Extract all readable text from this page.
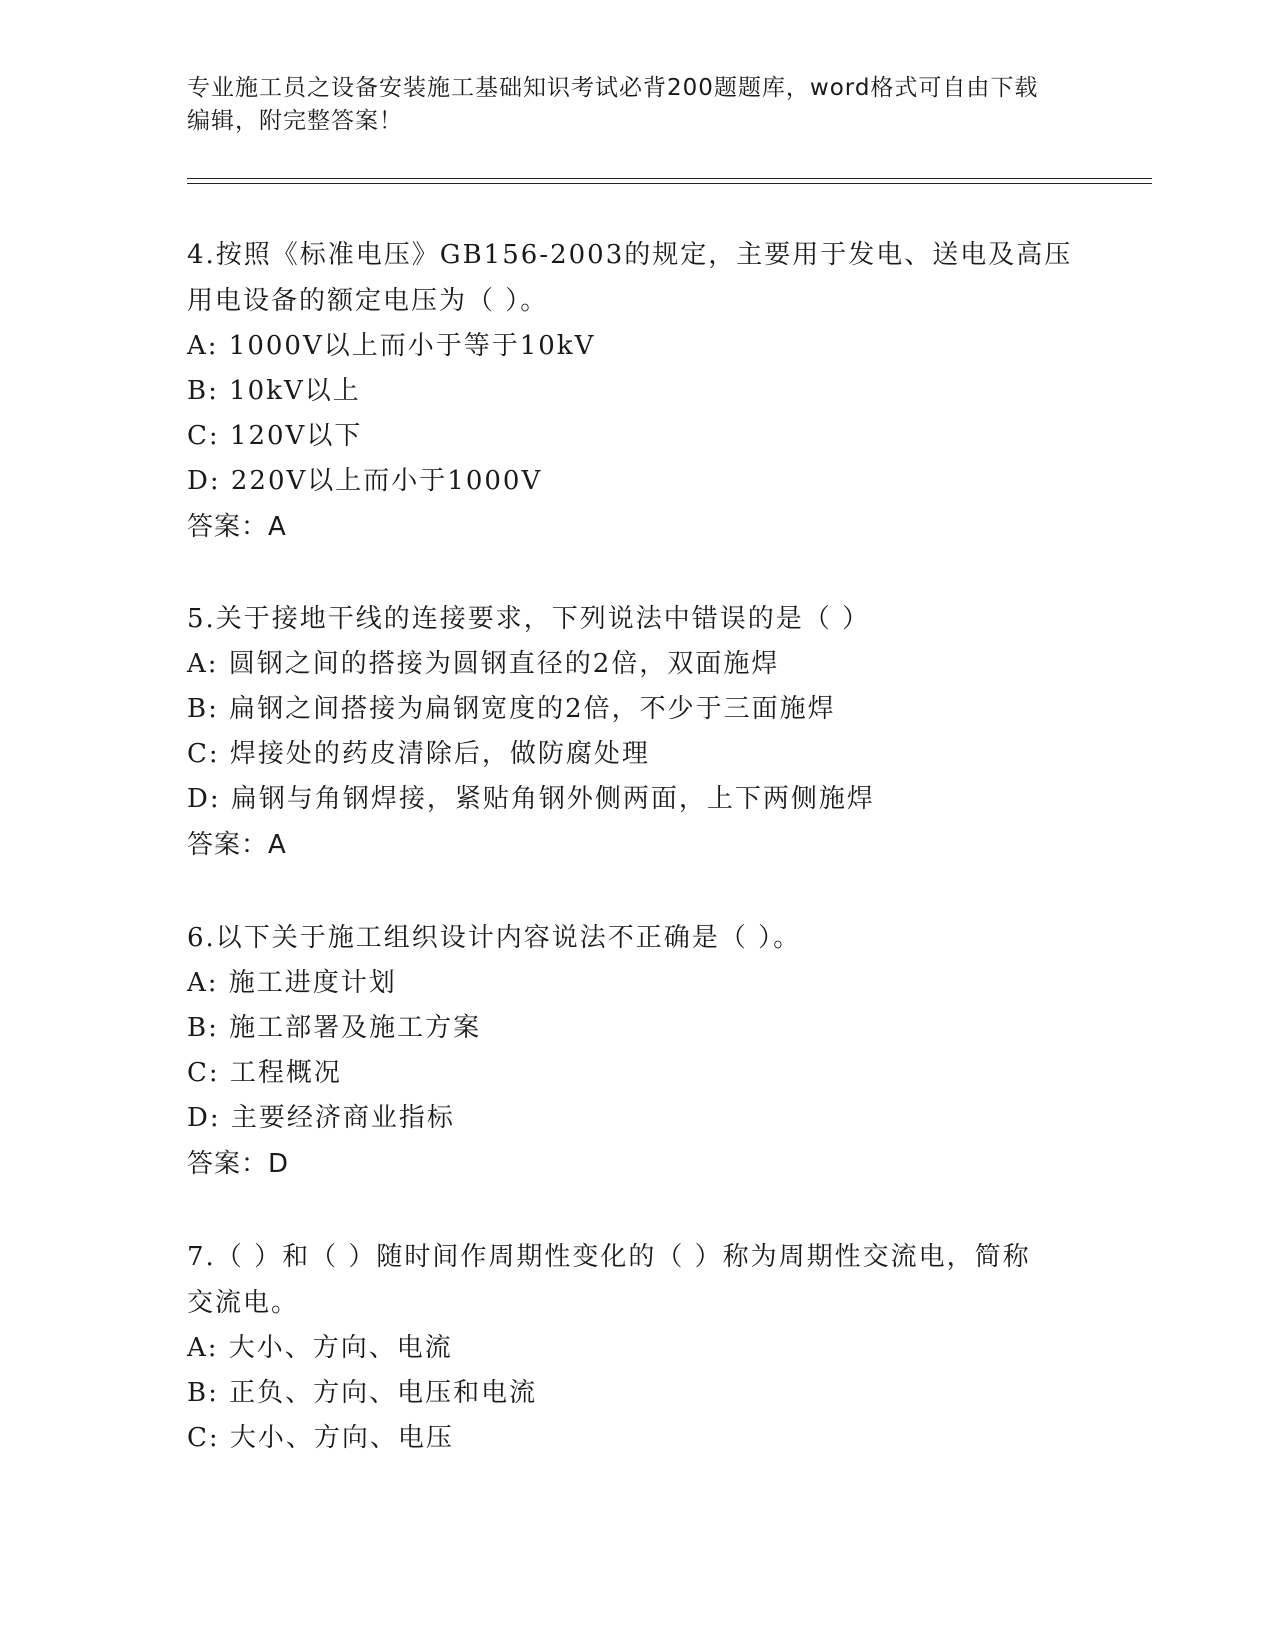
专业施工员之设备安装施工基础知识考试必背200题题库，word格式可自由下载
编辑，附完整答案！
4.按照《标准电压》GB156-2003的规定，主要用于发电、送电及高压
用电设备的额定电压为（ ）。
A: 1000V以上而小于等于10kV
B: 10kV以上
C: 120V以下
D: 220V以上而小于1000V
答案：A
5.关于接地干线的连接要求，下列说法中错误的是（ ）
A: 圆钢之间的搭接为圆钢直径的2倍，双面施焊
B: 扁钢之间搭接为扁钢宽度的2倍，不少于三面施焊
C: 焊接处的药皮清除后，做防腐处理
D: 扁钢与角钢焊接，紧贴角钢外侧两面，上下两侧施焊
答案：A
6.以下关于施工组织设计内容说法不正确是（ ）。
A: 施工进度计划
B: 施工部署及施工方案
C: 工程概况
D: 主要经济商业指标
答案：D
7.（ ）和（ ）随时间作周期性变化的（ ）称为周期性交流电，简称
交流电。
A: 大小、方向、电流
B: 正负、方向、电压和电流
C: 大小、方向、电压
